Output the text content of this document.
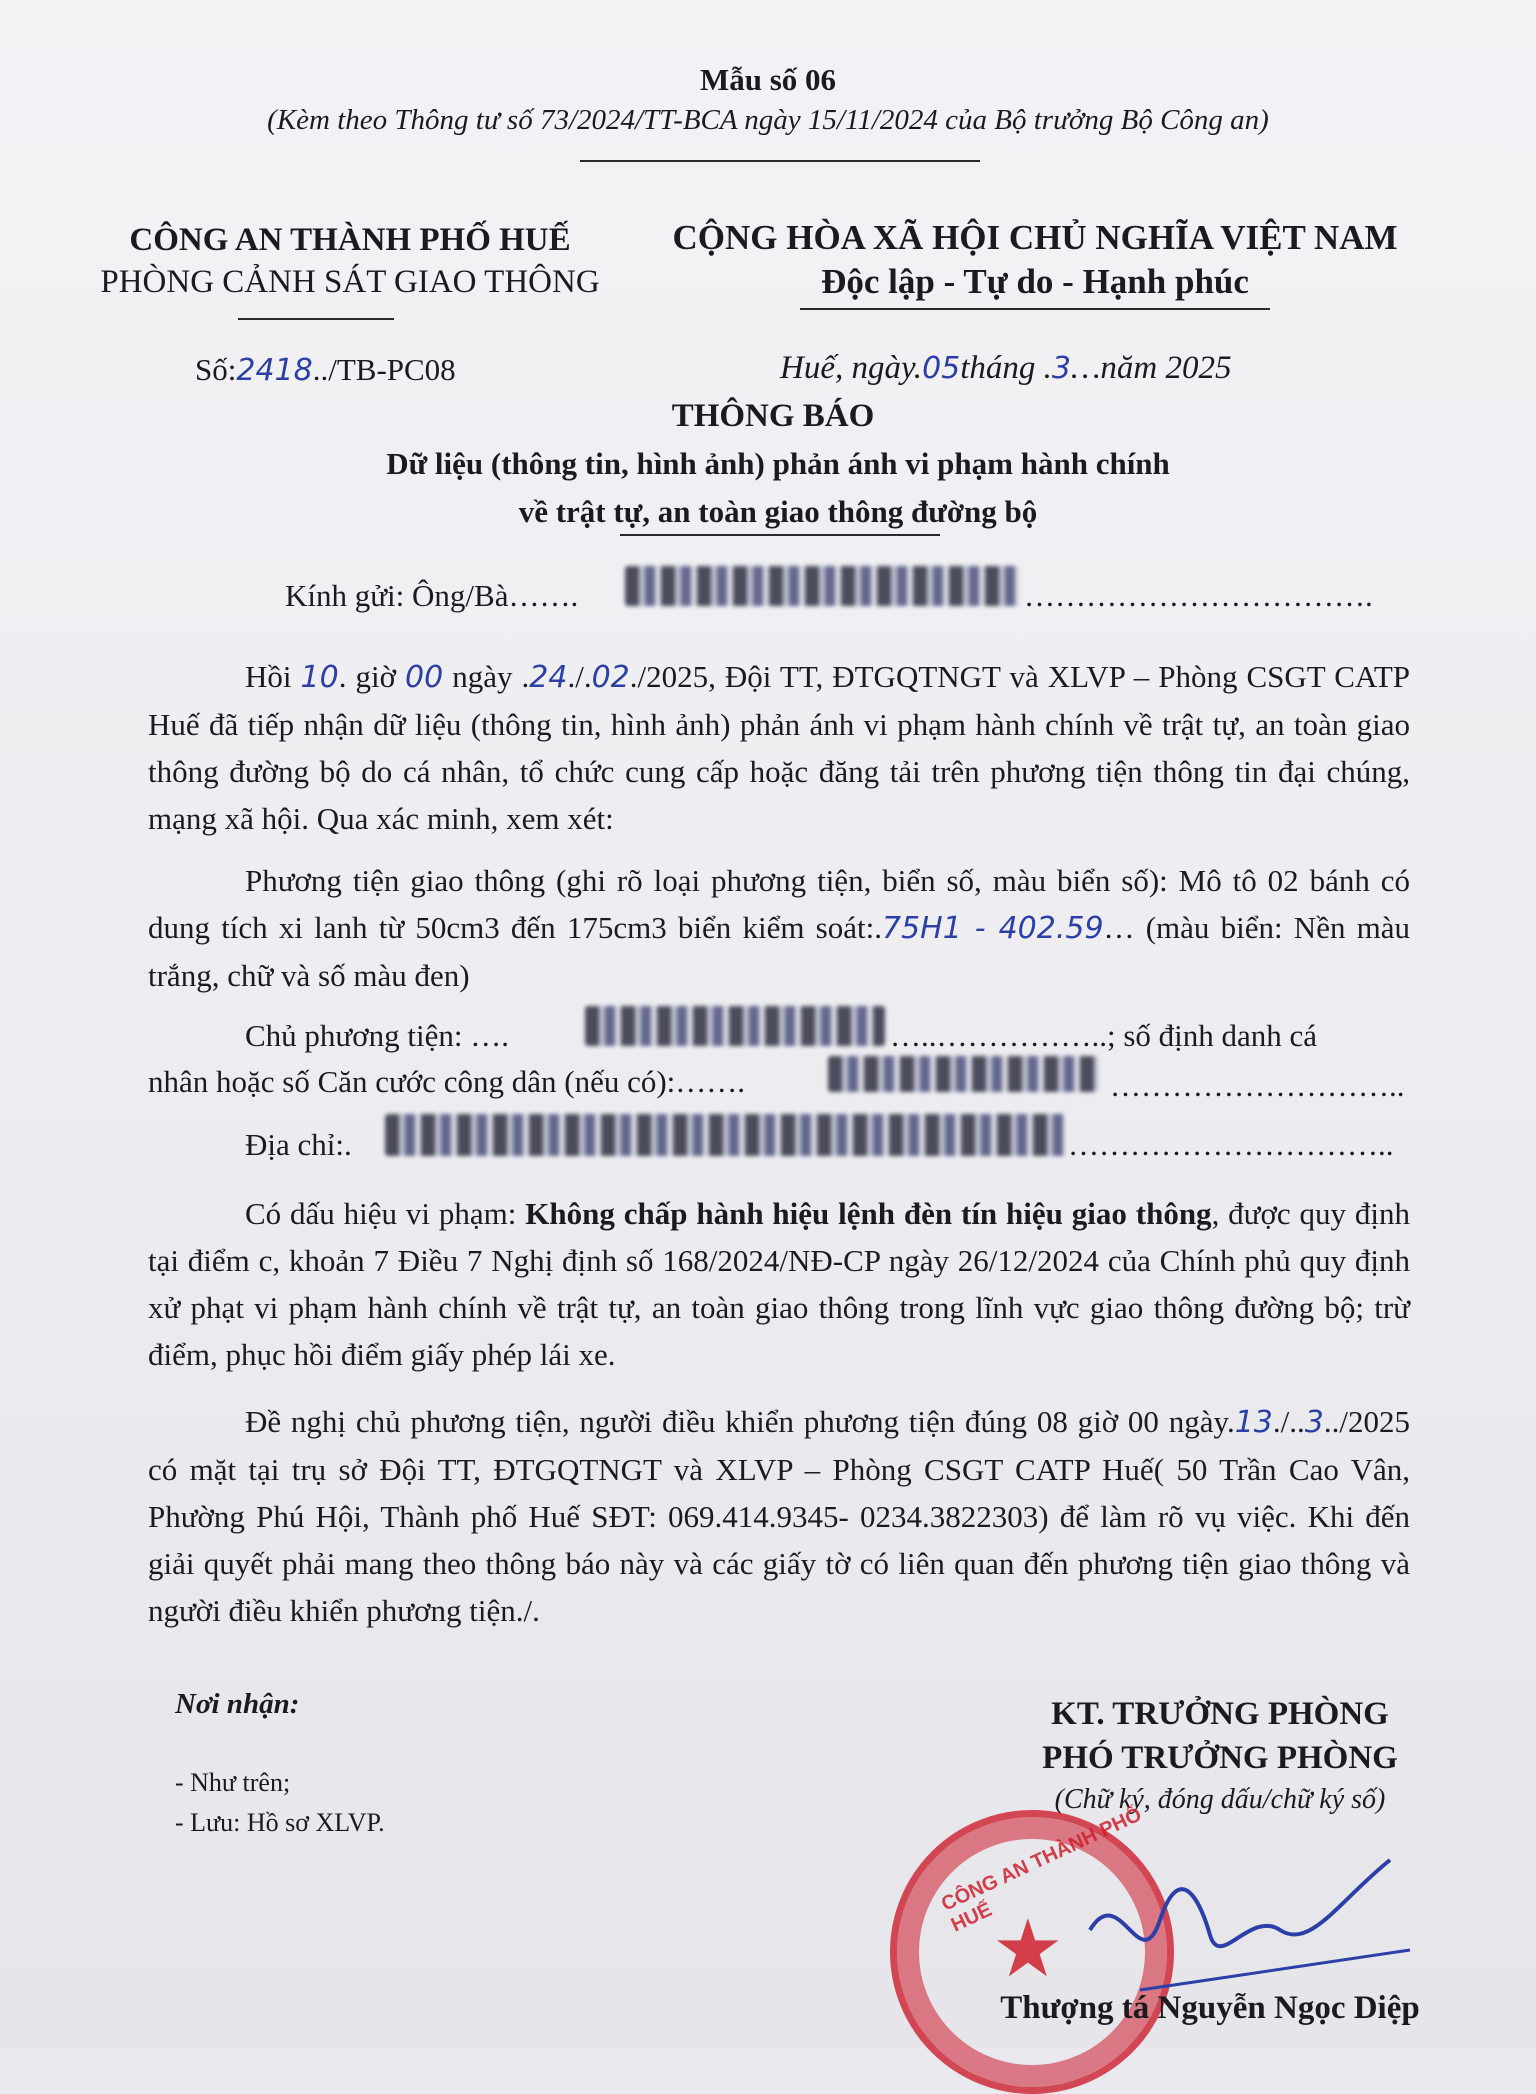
Mẫu số 06
(Kèm theo Thông tư số 73/2024/TT-BCA ngày 15/11/2024 của Bộ trưởng Bộ Công an)
CÔNG AN THÀNH PHỐ HUẾ
PHÒNG CẢNH SÁT GIAO THÔNG
CỘNG HÒA XÃ HỘI CHỦ NGHĨA VIỆT NAM
Độc lập - Tự do - Hạnh phúc
Số:2418../TB-PC08	Huế, ngày.05tháng .3…năm 2025
THÔNG BÁO
Dữ liệu (thông tin, hình ảnh) phản ánh vi phạm hành chính
về trật tự, an toàn giao thông đường bộ
Kính gửi: Ông/Bà…….	…………………………….
Hồi 10. giờ 00 ngày .24./.02./2025, Đội TT, ĐTGQTNGT và XLVP – Phòng CSGT CATP Huế đã tiếp nhận dữ liệu (thông tin, hình ảnh) phản ánh vi phạm hành chính về trật tự, an toàn giao thông đường bộ do cá nhân, tổ chức cung cấp hoặc đăng tải trên phương tiện thông tin đại chúng, mạng xã hội. Qua xác minh, xem xét:
Phương tiện giao thông (ghi rõ loại phương tiện, biển số, màu biển số): Mô tô 02 bánh có dung tích xi lanh từ 50cm3 đến 175cm3 biển kiểm soát:.75H1 - 402.59… (màu biển: Nền màu trắng, chữ và số màu đen)
Chủ phương tiện: ….	…..……………..; số định danh cá
nhân hoặc số Căn cước công dân (nếu có):…….	………………………..
Địa chỉ:.	…………………………..
Có dấu hiệu vi phạm: Không chấp hành hiệu lệnh đèn tín hiệu giao thông, được quy định tại điểm c, khoản 7 Điều 7 Nghị định số 168/2024/NĐ-CP ngày 26/12/2024 của Chính phủ quy định xử phạt vi phạm hành chính về trật tự, an toàn giao thông trong lĩnh vực giao thông đường bộ; trừ điểm, phục hồi điểm giấy phép lái xe.
Đề nghị chủ phương tiện, người điều khiển phương tiện đúng 08 giờ 00 ngày.13./..3../2025 có mặt tại trụ sở Đội TT, ĐTGQTNGT và XLVP – Phòng CSGT CATP Huế( 50 Trần Cao Vân, Phường Phú Hội, Thành phố Huế SĐT: 069.414.9345- 0234.3822303) để làm rõ vụ việc. Khi đến giải quyết phải mang theo thông báo này và các giấy tờ có liên quan đến phương tiện giao thông và người điều khiển phương tiện./.
Nơi nhận:
- Như trên;
- Lưu: Hồ sơ XLVP.
KT. TRƯỞNG PHÒNG
PHÓ TRƯỞNG PHÒNG
(Chữ ký, đóng dấu/chữ ký số)
CÔNG AN THÀNH PHỐ HUẾ
★
Thượng tá Nguyễn Ngọc Diệp
